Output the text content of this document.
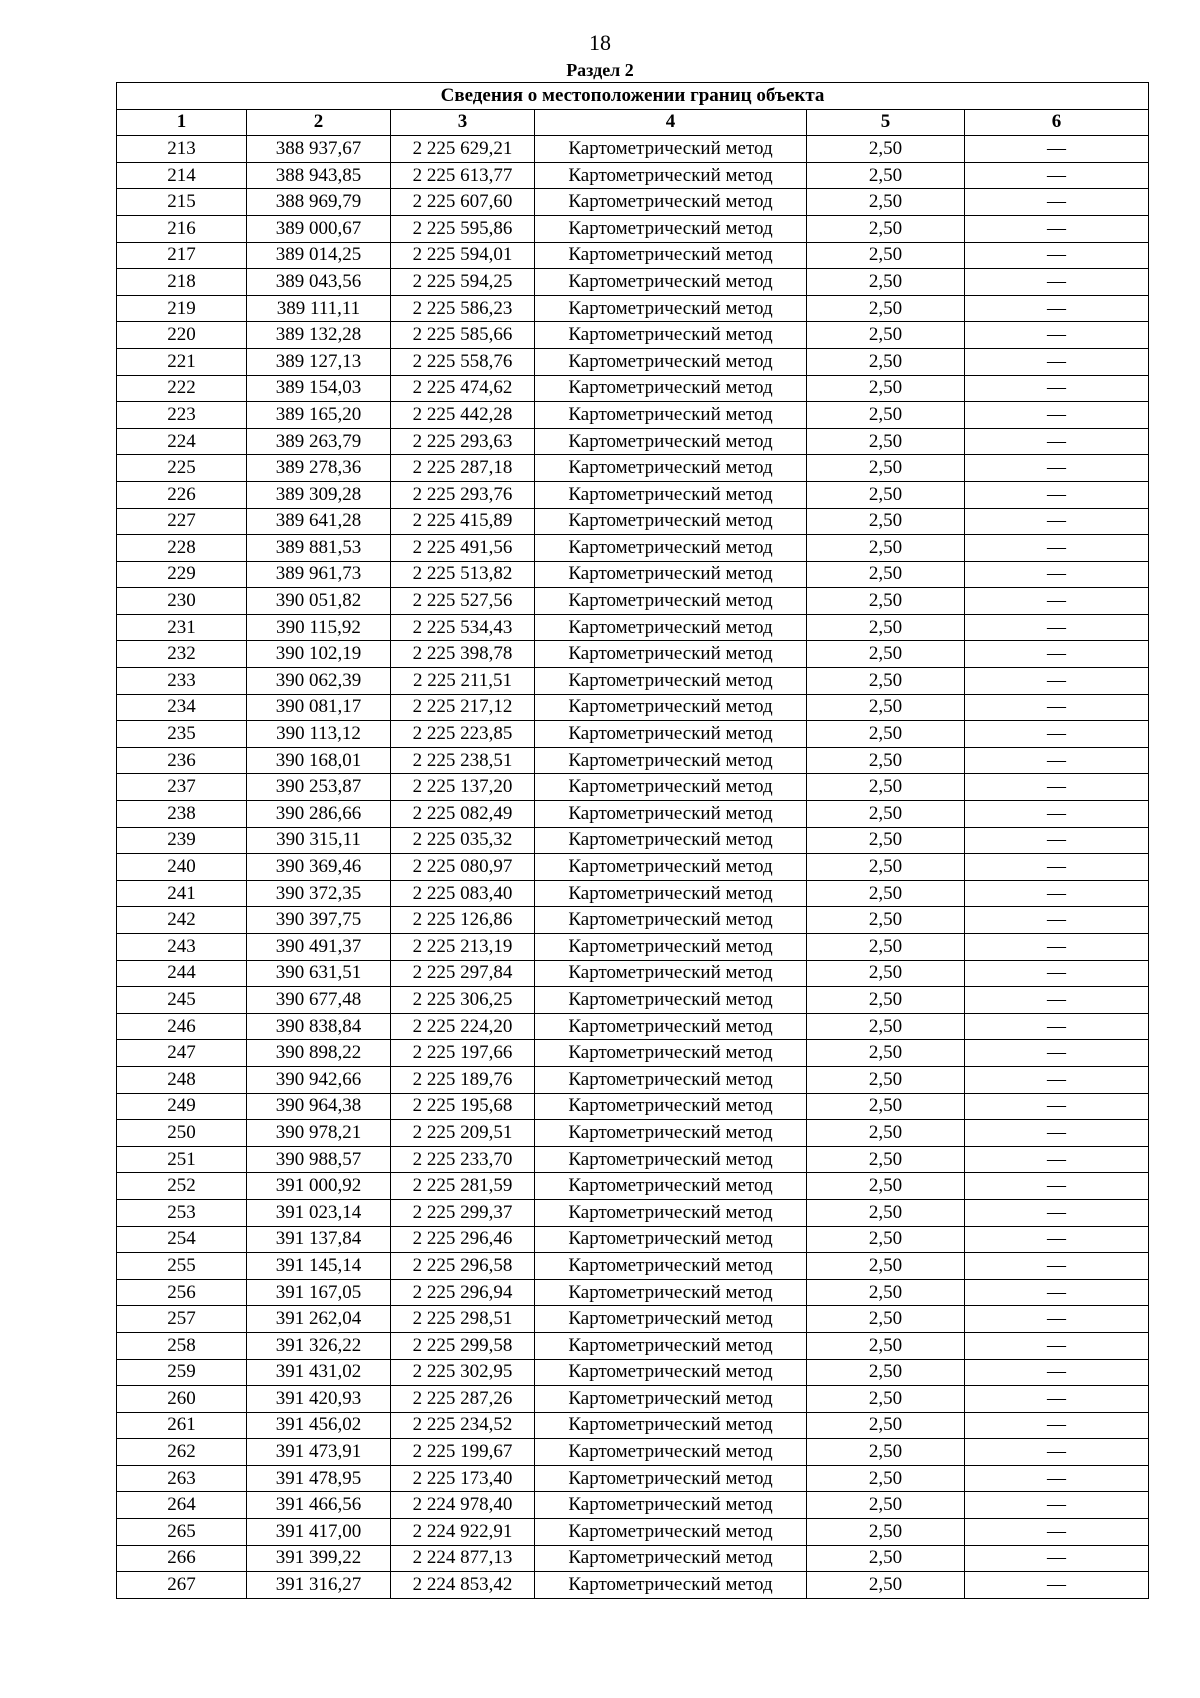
18
Раздел 2
Сведения о местоположении границ объекта					
1	2	3	4	5	6
213	388 937,67	2 225 629,21	Картометрический метод	2,50	—
214	388 943,85	2 225 613,77	Картометрический метод	2,50	—
215	388 969,79	2 225 607,60	Картометрический метод	2,50	—
216	389 000,67	2 225 595,86	Картометрический метод	2,50	—
217	389 014,25	2 225 594,01	Картометрический метод	2,50	—
218	389 043,56	2 225 594,25	Картометрический метод	2,50	—
219	389 111,11	2 225 586,23	Картометрический метод	2,50	—
220	389 132,28	2 225 585,66	Картометрический метод	2,50	—
221	389 127,13	2 225 558,76	Картометрический метод	2,50	—
222	389 154,03	2 225 474,62	Картометрический метод	2,50	—
223	389 165,20	2 225 442,28	Картометрический метод	2,50	—
224	389 263,79	2 225 293,63	Картометрический метод	2,50	—
225	389 278,36	2 225 287,18	Картометрический метод	2,50	—
226	389 309,28	2 225 293,76	Картометрический метод	2,50	—
227	389 641,28	2 225 415,89	Картометрический метод	2,50	—
228	389 881,53	2 225 491,56	Картометрический метод	2,50	—
229	389 961,73	2 225 513,82	Картометрический метод	2,50	—
230	390 051,82	2 225 527,56	Картометрический метод	2,50	—
231	390 115,92	2 225 534,43	Картометрический метод	2,50	—
232	390 102,19	2 225 398,78	Картометрический метод	2,50	—
233	390 062,39	2 225 211,51	Картометрический метод	2,50	—
234	390 081,17	2 225 217,12	Картометрический метод	2,50	—
235	390 113,12	2 225 223,85	Картометрический метод	2,50	—
236	390 168,01	2 225 238,51	Картометрический метод	2,50	—
237	390 253,87	2 225 137,20	Картометрический метод	2,50	—
238	390 286,66	2 225 082,49	Картометрический метод	2,50	—
239	390 315,11	2 225 035,32	Картометрический метод	2,50	—
240	390 369,46	2 225 080,97	Картометрический метод	2,50	—
241	390 372,35	2 225 083,40	Картометрический метод	2,50	—
242	390 397,75	2 225 126,86	Картометрический метод	2,50	—
243	390 491,37	2 225 213,19	Картометрический метод	2,50	—
244	390 631,51	2 225 297,84	Картометрический метод	2,50	—
245	390 677,48	2 225 306,25	Картометрический метод	2,50	—
246	390 838,84	2 225 224,20	Картометрический метод	2,50	—
247	390 898,22	2 225 197,66	Картометрический метод	2,50	—
248	390 942,66	2 225 189,76	Картометрический метод	2,50	—
249	390 964,38	2 225 195,68	Картометрический метод	2,50	—
250	390 978,21	2 225 209,51	Картометрический метод	2,50	—
251	390 988,57	2 225 233,70	Картометрический метод	2,50	—
252	391 000,92	2 225 281,59	Картометрический метод	2,50	—
253	391 023,14	2 225 299,37	Картометрический метод	2,50	—
254	391 137,84	2 225 296,46	Картометрический метод	2,50	—
255	391 145,14	2 225 296,58	Картометрический метод	2,50	—
256	391 167,05	2 225 296,94	Картометрический метод	2,50	—
257	391 262,04	2 225 298,51	Картометрический метод	2,50	—
258	391 326,22	2 225 299,58	Картометрический метод	2,50	—
259	391 431,02	2 225 302,95	Картометрический метод	2,50	—
260	391 420,93	2 225 287,26	Картометрический метод	2,50	—
261	391 456,02	2 225 234,52	Картометрический метод	2,50	—
262	391 473,91	2 225 199,67	Картометрический метод	2,50	—
263	391 478,95	2 225 173,40	Картометрический метод	2,50	—
264	391 466,56	2 224 978,40	Картометрический метод	2,50	—
265	391 417,00	2 224 922,91	Картометрический метод	2,50	—
266	391 399,22	2 224 877,13	Картометрический метод	2,50	—
267	391 316,27	2 224 853,42	Картометрический метод	2,50	—
